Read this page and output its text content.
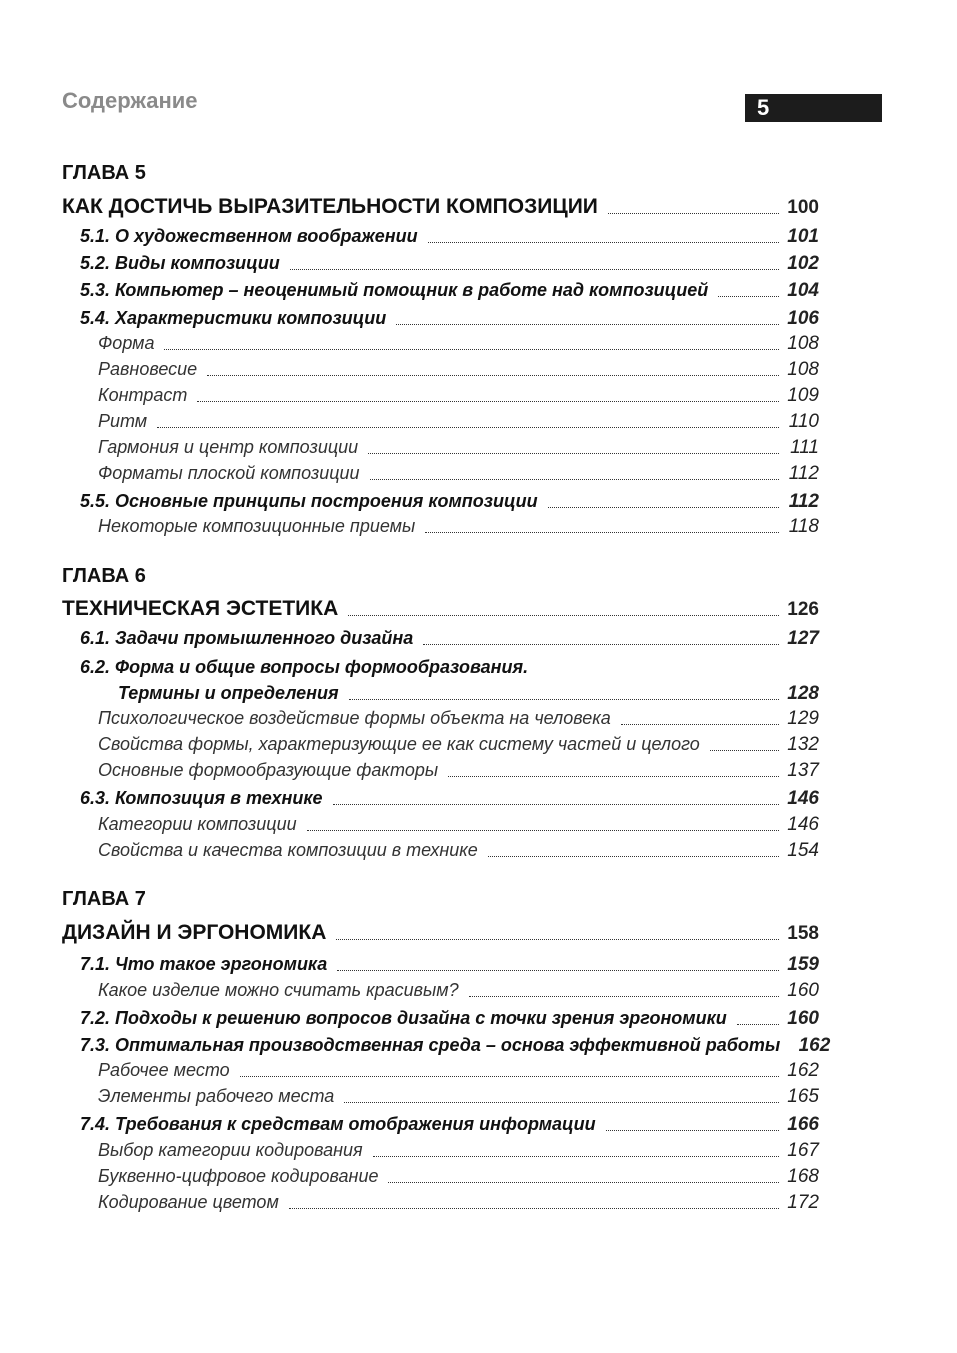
Содержание	5
ГЛАВА 5
КАК ДОСТИЧЬ ВЫРАЗИТЕЛЬНОСТИ КОМПОЗИЦИИ	100
5.1. О художественном воображении	101
5.2. Виды композиции	102
5.3. Компьютер – неоценимый помощник в работе над композицией	104
5.4. Характеристики композиции	106
Форма	108
Равновесие	108
Контраст	109
Ритм	110
Гармония и центр композиции	111
Форматы плоской композиции	112
5.5. Основные принципы построения композиции	112
Некоторые композиционные приемы	118
ГЛАВА 6
ТЕХНИЧЕСКАЯ ЭСТЕТИКА	126
6.1. Задачи промышленного дизайна	127
6.2. Форма и общие вопросы формообразования.
Термины и определения	128
Психологическое воздействие формы объекта на человека	129
Свойства формы, характеризующие ее как систему частей и целого	132
Основные формообразующие факторы	137
6.3. Композиция в технике	146
Категории композиции	146
Свойства и качества композиции в технике	154
ГЛАВА 7
ДИЗАЙН И ЭРГОНОМИКА	158
7.1. Что такое эргономика	159
Какое изделие можно считать красивым?	160
7.2. Подходы к решению вопросов дизайна с точки зрения эргономики	160
7.3. Оптимальная производственная среда – основа эффективной работы 162
Рабочее место	162
Элементы рабочего места	165
7.4. Требования к средствам отображения информации	166
Выбор категории кодирования	167
Буквенно-цифровое кодирование	168
Кодирование цветом	172
